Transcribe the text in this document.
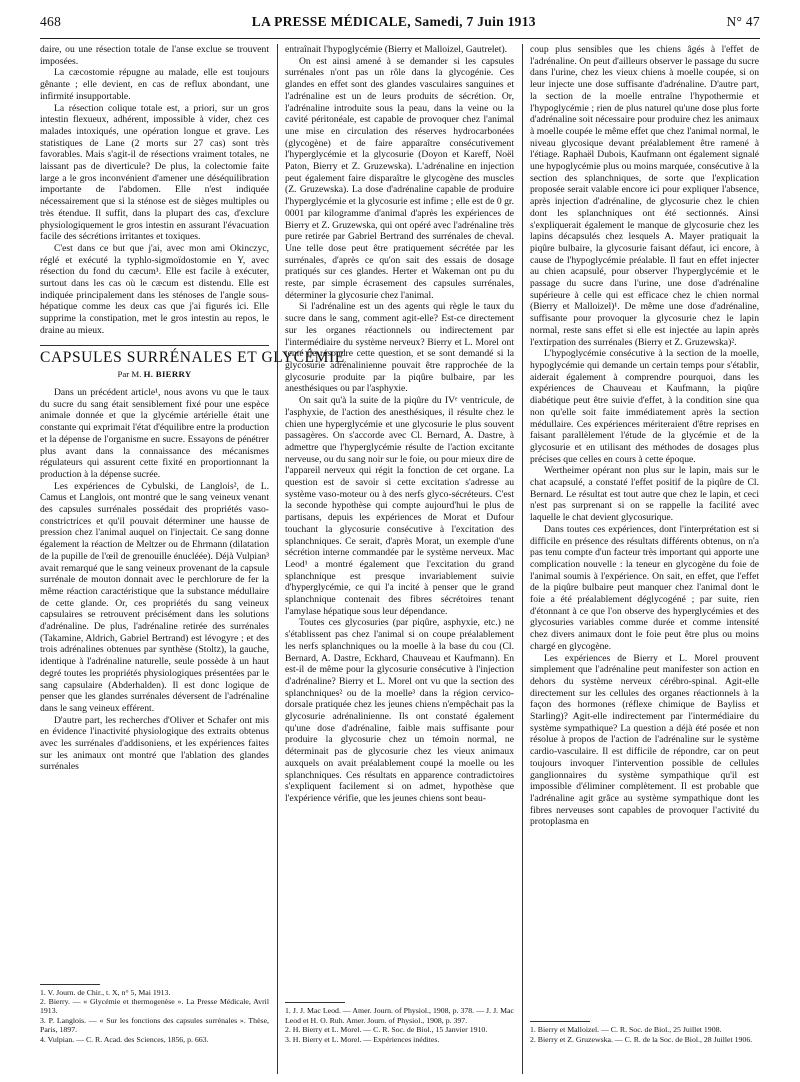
468	LA PRESSE MÉDICALE, Samedi, 7 Juin 1913	N° 47

daire, ou une résection totale de l'anse exclue se trouvent imposées.

La cæcostomie répugne au malade, elle est toujours gênante ; elle devient, en cas de reflux abondant, une infirmité insupportable.

La résection colique totale est, a priori, sur un gros intestin flexueux, adhérent, impossible à vider, chez ces malades intoxiqués, une opération longue et grave. Les statistiques de Lane (2 morts sur 27 cas) sont très favorables. Mais s'agit-il de résections vraiment totales, ne laissant pas de diverticule? De plus, la colectomie faite large a le gros inconvénient d'amener une déséquilibration importante de l'abdomen. Elle n'est indiquée nécessairement que si la sténose est de sièges multiples ou très étendue. Il suffit, dans la plupart des cas, d'exclure physiologiquement le gros intestin en assurant l'évacuation facile des sécrétions irritantes et toxiques.

C'est dans ce but que j'ai, avec mon ami Okinczyc, réglé et exécuté la typhlo-sigmoïdostomie en Y, avec résection du fond du cæcum¹. Elle est facile à exécuter, surtout dans les cas où le cæcum est distendu. Elle est indiquée principalement dans les sténoses de l'angle sous-hépatique comme les deux cas que j'ai figurés ici. Elle supprime la constipation, met le gros intestin au repos, le draine au mieux.

CAPSULES SURRÉNALES ET GLYCÉMIE
Par M. H. BIERRY

Dans un précédent article¹, nous avons vu que le taux du sucre du sang était sensiblement fixé pour une espèce animale donnée et que la glycémie artérielle était une constante qui exprimait l'état d'équilibre entre la production et la dépense de l'organisme en sucre. Essayons de pénétrer plus avant dans la connaissance des mécanismes régulateurs qui assurent cette fixité en proportionnant la production à la dépense sucrée.

Les expériences de Cybulski, de Langlois², de L. Camus et Langlois, ont montré que le sang veineux venant des capsules surrénales possédait des propriétés vaso-constrictrices et qu'il pouvait déterminer une hausse de pression chez l'animal auquel on l'injectait. Ce sang donne également la réaction de Meltzer ou de Ehrmann (dilatation de la pupille de l'œil de grenouille énucléée). Déjà Vulpian³ avait remarqué que le sang veineux provenant de la capsule surrénale de mouton donnait avec le perchlorure de fer la même réaction caractéristique que la substance médullaire de cette glande. Or, ces propriétés du sang veineux capsulaires se retrouvent précisément dans les solutions d'adrénaline. De plus, l'adrénaline retirée des surrénales (Takamine, Aldrich, Gabriel Bertrand) est lévogyre ; et des trois adrénalines obtenues par synthèse (Stoltz), la gauche, identique à l'adrénaline naturelle, seule possède à un haut degré toutes les propriétés physiologiques présentées par le sang capsulaire (Abderhalden). Il est donc logique de penser que les glandes surrénales déversent de l'adrénaline dans le sang veineux efférent.

D'autre part, les recherches d'Oliver et Schafer ont mis en évidence l'inactivité physiologique des extraits obtenus avec les surrénales d'addisoniens, et les expériences faites sur les animaux ont montré que l'ablation des glandes surrénales

1. V. Journ. de Chir., t. X, n° 5, Mai 1913.

2. Bierry. — « Glycémie et thermogenèse ». La Presse Médicale, Avril 1913.

3. P. Langlois. — « Sur les fonctions des capsules surrénales ». Thèse, Paris, 1897.

4. Vulpian. — C. R. Acad. des Sciences, 1856, p. 663.

entraînait l'hypoglycémie (Bierry et Malloizel, Gautrelet).

On est ainsi amené à se demander si les capsules surrénales n'ont pas un rôle dans la glycogénie. Ces glandes en effet sont des glandes vasculaires sanguines et l'adrénaline est un de leurs produits de sécrétion. Or, l'adrénaline introduite sous la peau, dans la veine ou la cavité péritonéale, est capable de provoquer chez l'animal une mise en circulation des réserves hydrocarbonées (glycogène) et de faire apparaître consécutivement l'hyperglycémie et la glycosurie (Doyon et Kareff, Noël Paton, Bierry et Z. Gruzewska). L'adrénaline en injection peut également faire disparaître le glycogène des muscles (Z. Gruzewska). La dose d'adrénaline capable de produire l'hyperglycémie et la glycosurie est infime ; elle est de 0 gr. 0001 par kilogramme d'animal d'après les expériences de Bierry et Z. Gruzewska, qui ont opéré avec l'adrénaline très pure retirée par Gabriel Bertrand des surrénales de cheval. Une telle dose peut être pratiquement sécrétée par les surrénales, d'après ce qu'on sait des essais de dosage pratiqués sur ces glandes. Herter et Wakeman ont pu du reste, par simple écrasement des capsules surrénales, déterminer la glycosurie chez l'animal.

Si l'adrénaline est un des agents qui règle le taux du sucre dans le sang, comment agit-elle? Est-ce directement sur les organes réactionnels ou indirectement par l'intermédiaire du système nerveux? Bierry et L. Morel ont tenté de résoudre cette question, et se sont demandé si la glycosurie adrénalinienne pouvait être rapprochée de la glycosurie produite par la piqûre bulbaire, par les anesthésiques ou par l'asphyxie.

On sait qu'à la suite de la piqûre du IVᵉ ventricule, de l'asphyxie, de l'action des anesthésiques, il résulte chez le chien une hyperglycémie et une glycosurie le plus souvent passagères. On s'accorde avec Cl. Bernard, A. Dastre, à admettre que l'hyperglycémie résulte de l'action excitante nerveuse, ou du sang noir sur le foie, ou pour mieux dire de l'appareil nerveux qui régit la fonction de cet organe. La question est de savoir si cette excitation s'adresse au système vaso-moteur ou à des nerfs glyco-sécréteurs. C'est la seconde hypothèse qui compte aujourd'hui le plus de partisans, depuis les expériences de Morat et Dufour touchant la glycosurie consécutive à l'excitation des splanchniques. Ce serait, d'après Morat, un exemple d'une sécrétion interne commandée par le système nerveux. Mac Leod¹ a montré également que l'excitation du grand splanchnique est presque invariablement suivie d'hyperglycémie, ce qui l'a incité à penser que le grand splanchnique contenait des fibres sécrétoires tenant l'amylase hépatique sous leur dépendance.

Toutes ces glycosuries (par piqûre, asphyxie, etc.) ne s'établissent pas chez l'animal si on coupe préalablement les nerfs splanchniques ou la moelle à la base du cou (Cl. Bernard, A. Dastre, Eckhard, Chauveau et Kaufmann). En est-il de même pour la glycosurie consécutive à l'injection d'adrénaline? Bierry et L. Morel ont vu que la section des splanchniques² ou de la moelle³ dans la région cervico-dorsale pratiquée chez les jeunes chiens n'empêchait pas la glycosurie adrénalinienne. Ils ont constaté également qu'une dose d'adrénaline, faible mais suffisante pour produire la glycosurie chez un témoin normal, ne déterminait pas de glycosurie chez les vieux animaux auxquels on avait préalablement coupé la moelle ou les splanchniques. Ces résultats en apparence contradictoires s'expliquent facilement si on admet, hypothèse que l'expérience vérifie, que les jeunes chiens sont beau-

1. J. J. Mac Leod. — Amer. Journ. of Physiol., 1908, p. 378. — J. J. Mac Leod et H. O. Ruh. Amer. Journ. of Physiol., 1908, p. 397.

2. H. Bierry et L. Morel. — C. R. Soc. de Biol., 15 Janvier 1910.

3. H. Bierry et L. Morel. — Expériences inédites.

coup plus sensibles que les chiens âgés à l'effet de l'adrénaline. On peut d'ailleurs observer le passage du sucre dans l'urine, chez les vieux chiens à moelle coupée, si on leur injecte une dose suffisante d'adrénaline. D'autre part, la section de la moelle entraîne l'hypothermie et l'hypoglycémie ; rien de plus naturel qu'une dose plus forte d'adrénaline soit nécessaire pour produire chez les animaux à moelle coupée le même effet que chez l'animal normal, le niveau glycosique devant préalablement être ramené à l'étiage. Raphaël Dubois, Kaufmann ont également signalé une hypoglycémie plus ou moins marquée, consécutive à la section des splanchniques, de sorte que l'explication proposée serait valable encore ici pour expliquer l'absence, après injection d'adrénaline, de glycosurie chez le chien dont les splanchniques ont été sectionnés. Ainsi s'expliquerait également le manque de glycosurie chez les lapins décapsulés chez lesquels A. Mayer pratiquait la piqûre bulbaire, la glycosurie faisant défaut, ici encore, à cause de l'hypoglycémie préalable. Il faut en effet injecter au chien acapsulé, pour observer l'hyperglycémie et le passage du sucre dans l'urine, une dose d'adrénaline supérieure à celle qui est efficace chez le chien normal (Bierry et Malloizel)¹. De même une dose d'adrénaline, suffisante pour provoquer la glycosurie chez le lapin normal, reste sans effet si elle est injectée au lapin après l'extirpation des surrénales (Bierry et Z. Gruzewska)².

L'hypoglycémie consécutive à la section de la moelle, hypoglycémie qui demande un certain temps pour s'établir, aiderait également à comprendre pourquoi, dans les expériences de Chauveau et Kaufmann, la piqûre diabétique peut être suivie d'effet, à la condition sine qua non qu'elle soit faite immédiatement après la section médullaire. Ces expériences mériteraient d'être reprises en faisant parallèlement l'étude de la glycémie et de la glycosurie et en utilisant des méthodes de dosages plus précises que celles en cours à cette époque.

Wertheimer opérant non plus sur le lapin, mais sur le chat acapsulé, a constaté l'effet positif de la piqûre de Cl. Bernard. Le résultat est tout autre que chez le lapin, et ceci n'est pas surprenant si on se rappelle la facilité avec laquelle le chat devient glycosurique.

Dans toutes ces expériences, dont l'interprétation est si difficile en présence des résultats différents obtenus, on n'a pas tenu compte d'un facteur très important qui apporte une complication nouvelle : la teneur en glycogène du foie de l'animal soumis à l'expérience. On sait, en effet, que l'effet de la piqûre bulbaire peut manquer chez l'animal dont le foie a été préalablement déglycogéné ; par suite, rien d'étonnant à ce que l'on observe des hyperglycémies et des glycosuries variables comme durée et comme intensité chez divers animaux dont le foie peut être plus ou moins chargé en glycogène.

Les expériences de Bierry et L. Morel prouvent simplement que l'adrénaline peut manifester son action en dehors du système nerveux cérébro-spinal. Agit-elle directement sur les cellules des organes réactionnels à la façon des hormones (réflexe chimique de Bayliss et Starling)? Agit-elle indirectement par l'intermédiaire du système sympathique? La question a déjà été posée et non résolue à propos de l'action de l'adrénaline sur le système cardio-vasculaire. Il est difficile de répondre, car on peut toujours invoquer l'intervention possible de cellules ganglionnaires du système sympathique qu'il est impossible d'éliminer complètement. Il est probable que l'adrénaline agit grâce au système sympathique dont les fibres nerveuses sont capables de provoquer l'activité du protoplasma en

1. Bierry et Malloizel. — C. R. Soc. de Biol., 25 Juillet 1908.

2. Bierry et Z. Gruzewska. — C. R. de la Soc. de Biol., 28 Juillet 1906.
